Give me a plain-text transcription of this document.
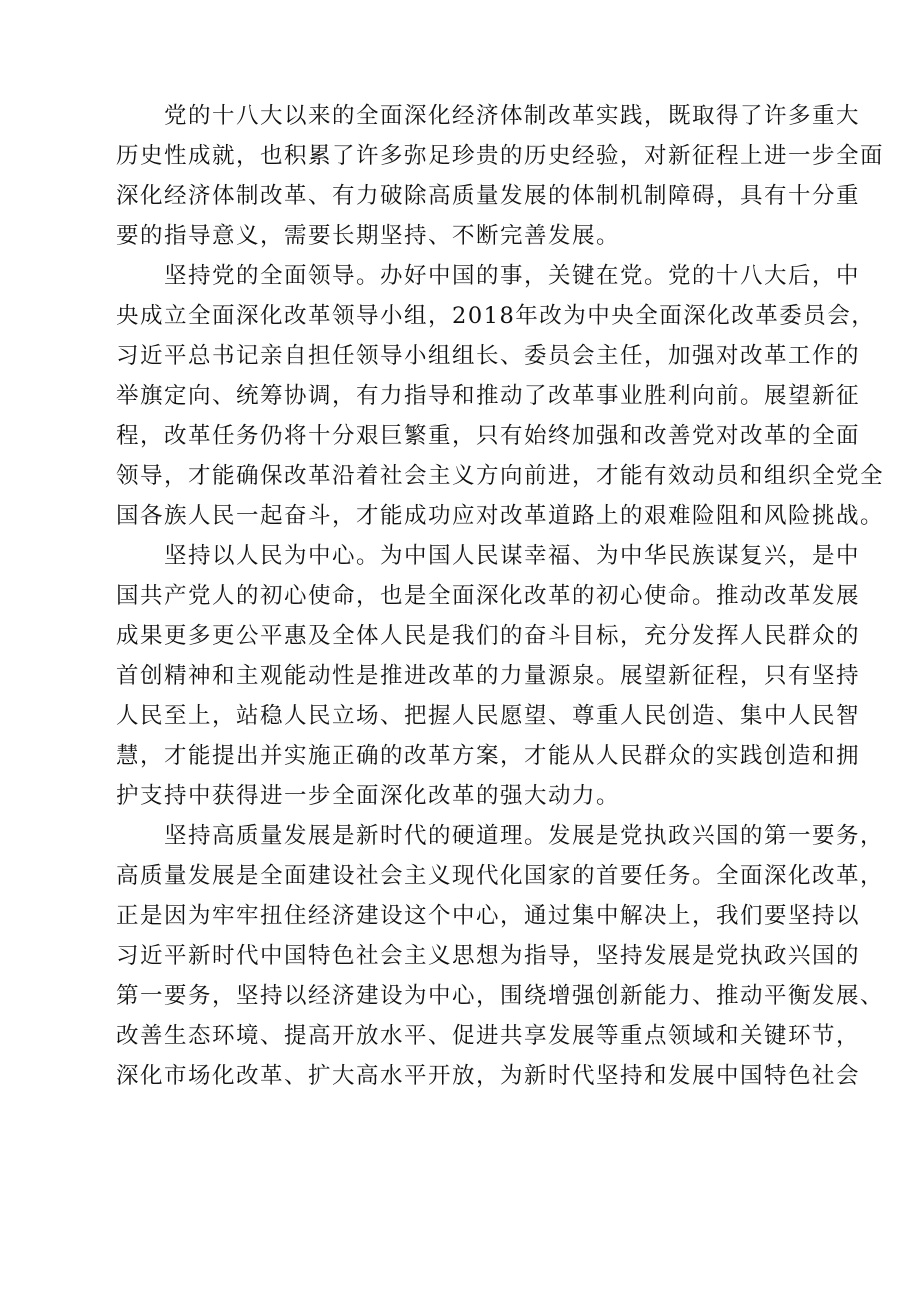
党的十八大以来的全面深化经济体制改革实践，既取得了许多重大
历史性成就，也积累了许多弥足珍贵的历史经验，对新征程上进一步全面
深化经济体制改革、有力破除高质量发展的体制机制障碍，具有十分重
要的指导意义，需要长期坚持、不断完善发展。
坚持党的全面领导。办好中国的事，关键在党。党的十八大后，中
央成立全面深化改革领导小组，2018年改为中央全面深化改革委员会，
习近平总书记亲自担任领导小组组长、委员会主任，加强对改革工作的
举旗定向、统筹协调，有力指导和推动了改革事业胜利向前。展望新征
程，改革任务仍将十分艰巨繁重，只有始终加强和改善党对改革的全面
领导，才能确保改革沿着社会主义方向前进，才能有效动员和组织全党全
国各族人民一起奋斗，才能成功应对改革道路上的艰难险阻和风险挑战。
坚持以人民为中心。为中国人民谋幸福、为中华民族谋复兴，是中
国共产党人的初心使命，也是全面深化改革的初心使命。推动改革发展
成果更多更公平惠及全体人民是我们的奋斗目标，充分发挥人民群众的
首创精神和主观能动性是推进改革的力量源泉。展望新征程，只有坚持
人民至上，站稳人民立场、把握人民愿望、尊重人民创造、集中人民智
慧，才能提出并实施正确的改革方案，才能从人民群众的实践创造和拥
护支持中获得进一步全面深化改革的强大动力。
坚持高质量发展是新时代的硬道理。发展是党执政兴国的第一要务，
高质量发展是全面建设社会主义现代化国家的首要任务。全面深化改革，
正是因为牢牢扭住经济建设这个中心，通过集中解决上，我们要坚持以
习近平新时代中国特色社会主义思想为指导，坚持发展是党执政兴国的
第一要务，坚持以经济建设为中心，围绕增强创新能力、推动平衡发展、
改善生态环境、提高开放水平、促进共享发展等重点领域和关键环节，
深化市场化改革、扩大高水平开放，为新时代坚持和发展中国特色社会
